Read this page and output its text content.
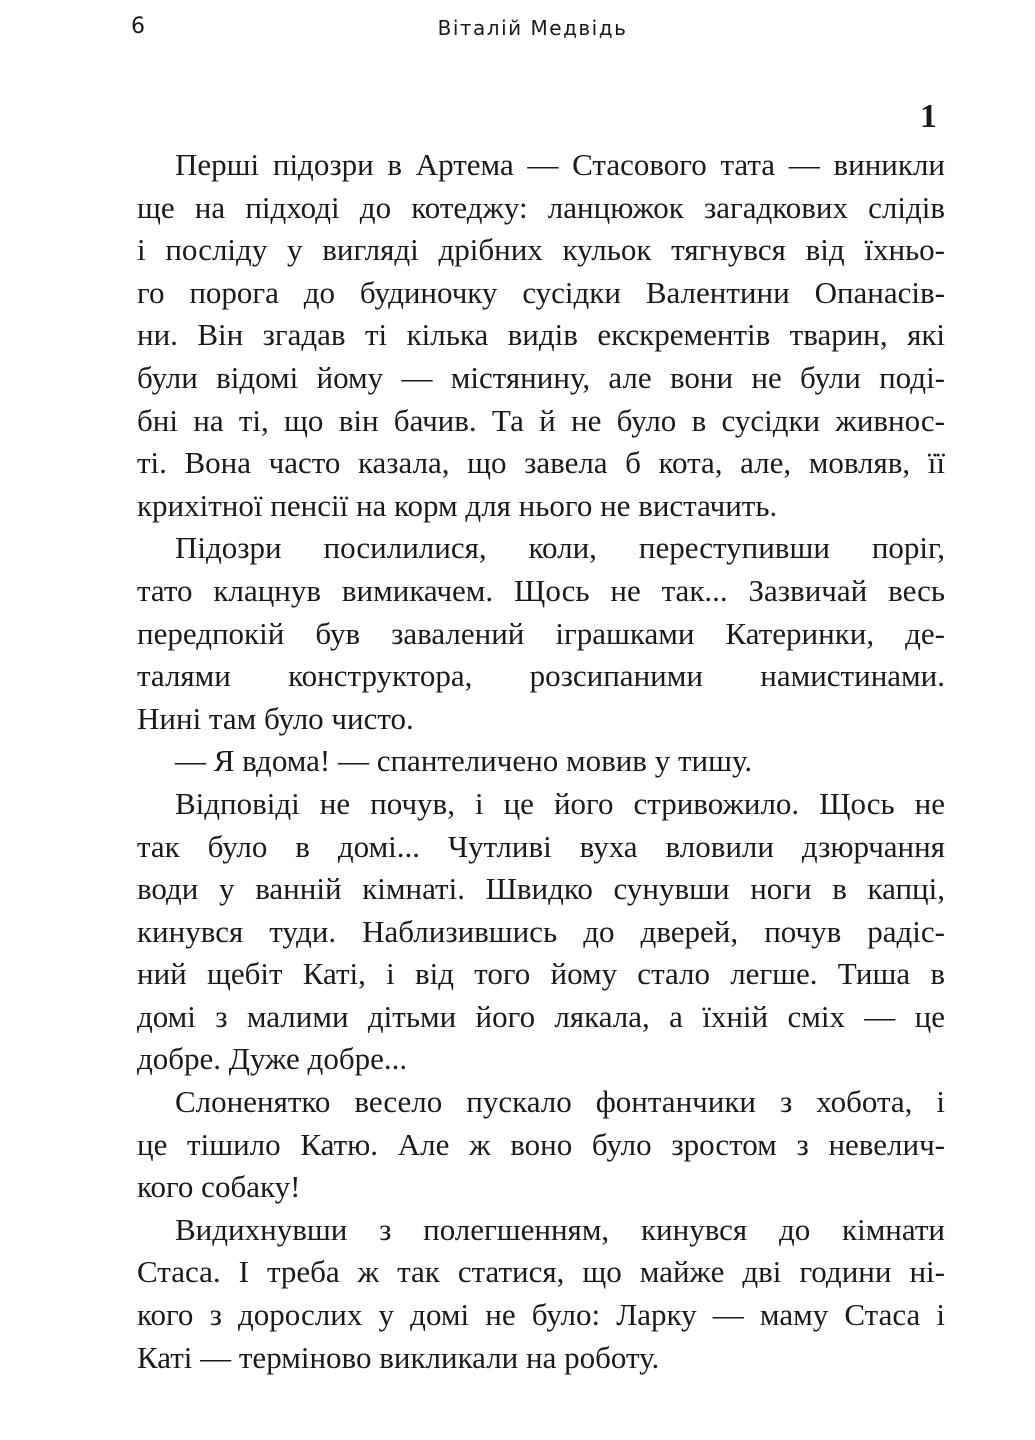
6	Віталій Медвідь
1
Перші підозри в Артема — Стасового тата — виникли
ще на підході до котеджу: ланцюжок загадкових слідів
і посліду у вигляді дрібних кульок тягнувся від їхньо-
го порога до будиночку сусідки Валентини Опанасів-
ни. Він згадав ті кілька видів екскрементів тварин, які
були відомі йому — містянину, але вони не були поді-
бні на ті, що він бачив. Та й не було в сусідки живнос-
ті. Вона часто казала, що завела б кота, але, мовляв, її
крихітної пенсії на корм для нього не вистачить.
Підозри посилилися, коли, переступивши поріг,
тато клацнув вимикачем. Щось не так... Зазвичай весь
передпокій був завалений іграшками Катеринки, де-
талями конструктора, розсипаними намистинами.
Нині там було чисто.
— Я вдома! — спантеличено мовив у тишу.
Відповіді не почув, і це його стривожило. Щось не
так було в домі... Чутливі вуха вловили дзюрчання
води у ванній кімнаті. Швидко сунувши ноги в капці,
кинувся туди. Наблизившись до дверей, почув радіс-
ний щебіт Каті, і від того йому стало легше. Тиша в
домі з малими дітьми його лякала, а їхній сміх — це
добре. Дуже добре...
Слоненятко весело пускало фонтанчики з хобота, і
це тішило Катю. Але ж воно було зростом з невелич-
кого собаку!
Видихнувши з полегшенням, кинувся до кімнати
Стаса. І треба ж так статися, що майже дві години ні-
кого з дорослих у домі не було: Ларку — маму Стаса і
Каті — терміново викликали на роботу.
